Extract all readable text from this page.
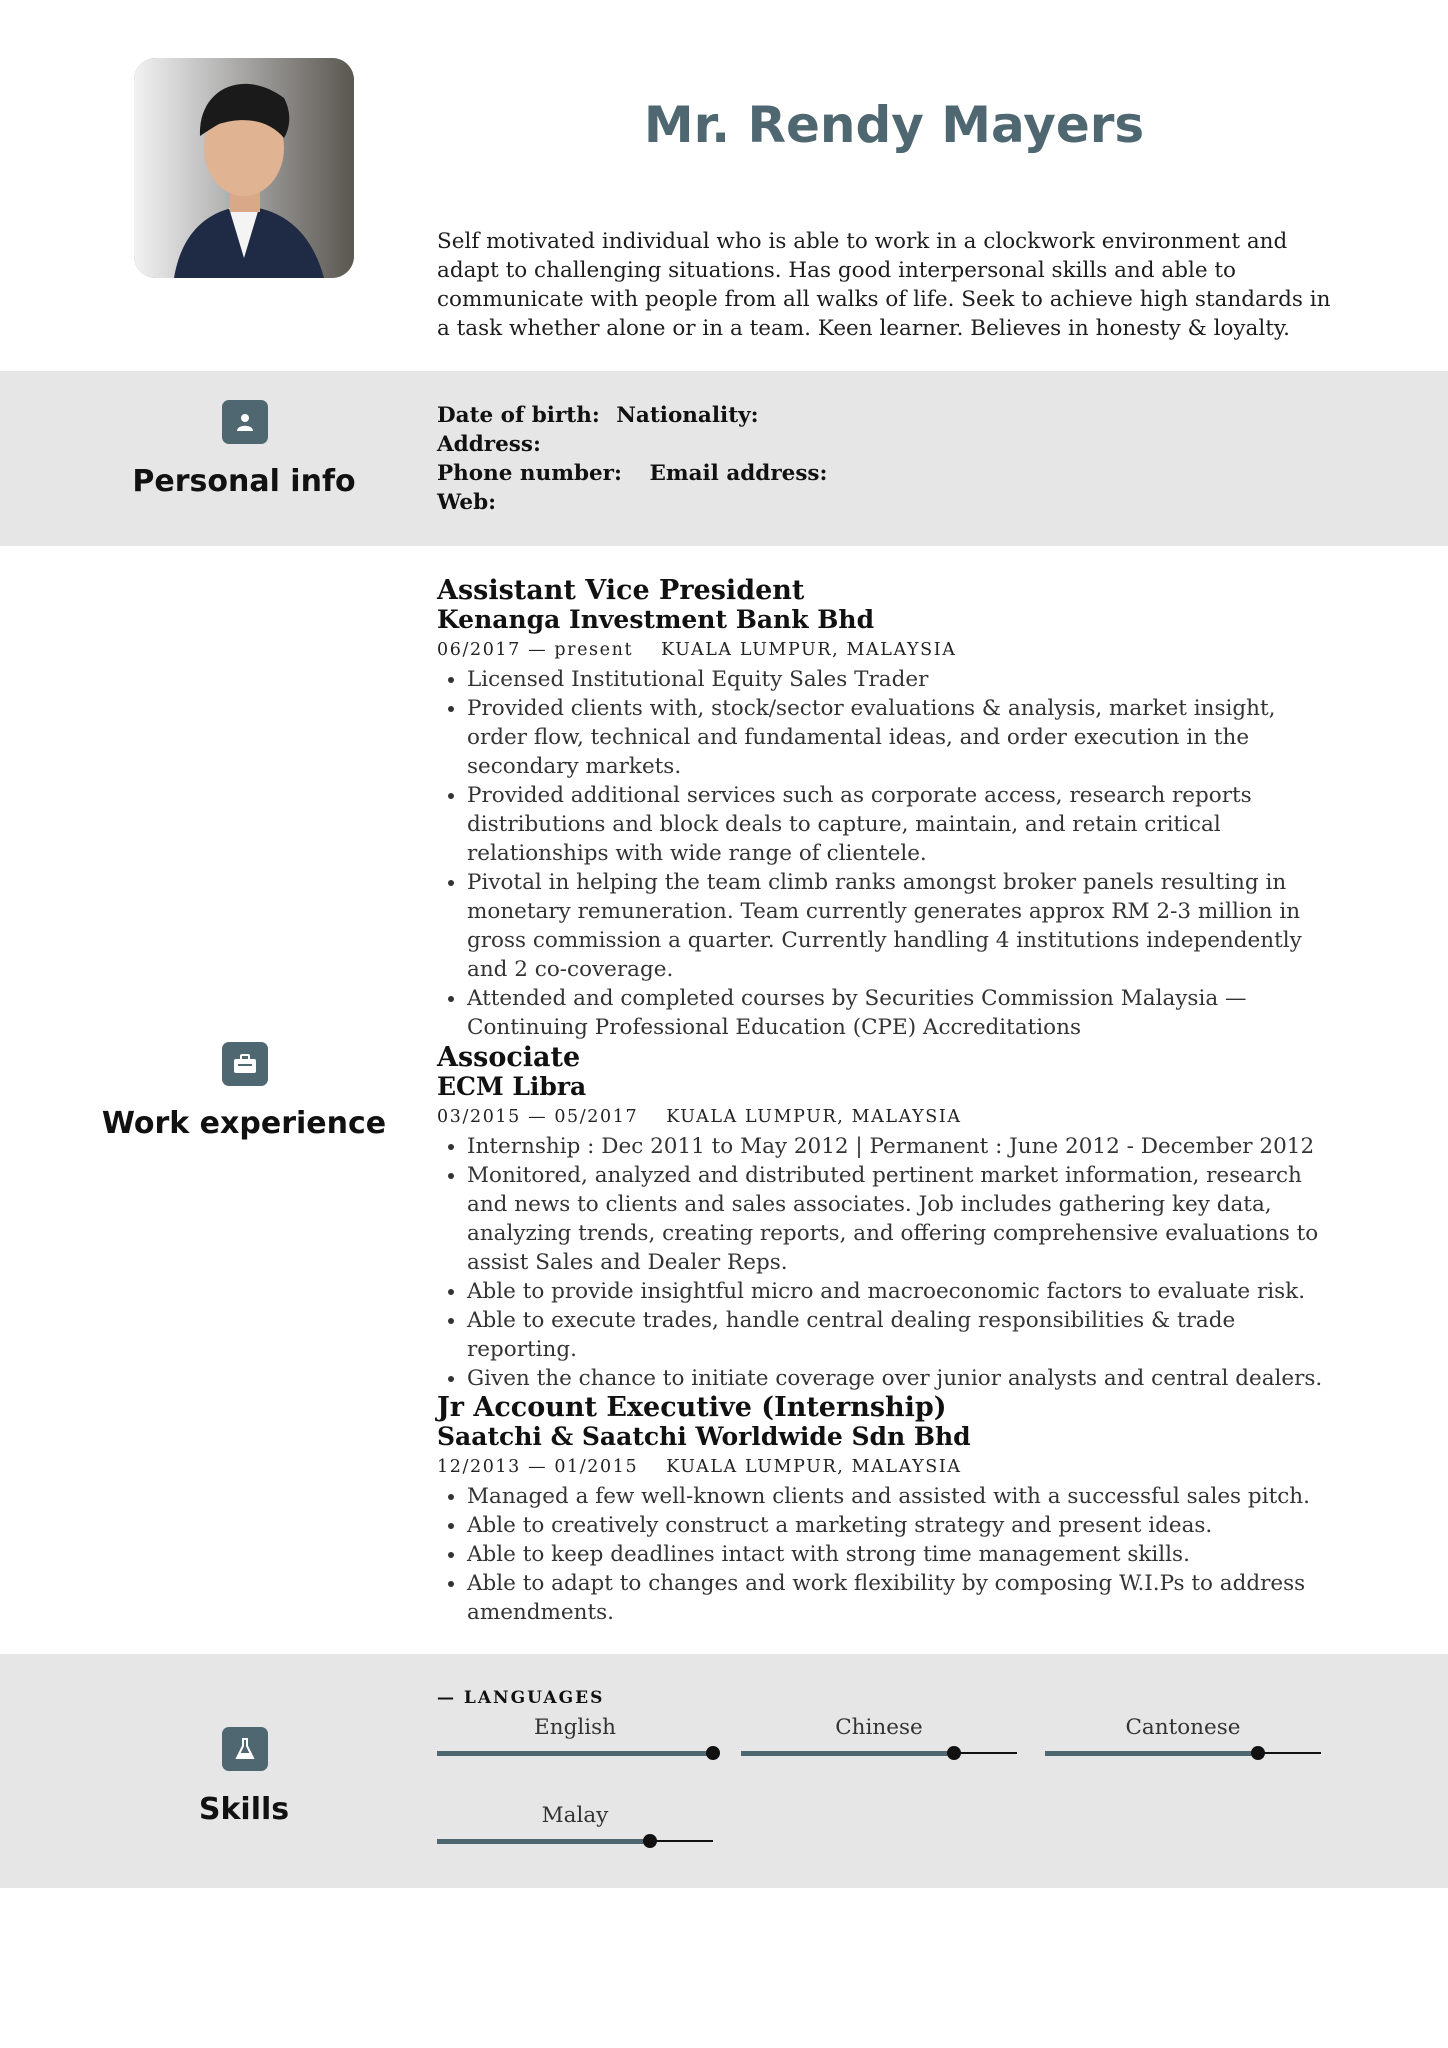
Mr. Rendy Mayers

Self motivated individual who is able to work in a clockwork environment and adapt to challenging situations. Has good interpersonal skills and able to communicate with people from all walks of life. Seek to achieve high standards in a task whether alone or in a team. Keen learner. Believes in honesty & loyalty.

Personal info
Date of birth: Nationality:
Address:
Phone number: Email address:
Web:
Work experience
Assistant Vice President
Kenanga Investment Bank Bhd
06/2017 — present KUALA LUMPUR, MALAYSIA
• Licensed Institutional Equity Sales Trader
• Provided clients with, stock/sector evaluations & analysis, market insight, order flow, technical and fundamental ideas, and order execution in the secondary markets.
• Provided additional services such as corporate access, research reports distributions and block deals to capture, maintain, and retain critical relationships with wide range of clientele.
• Pivotal in helping the team climb ranks amongst broker panels resulting in monetary remuneration. Team currently generates approx RM 2-3 million in gross commission a quarter. Currently handling 4 institutions independently and 2 co-coverage.
• Attended and completed courses by Securities Commission Malaysia — Continuing Professional Education (CPE) Accreditations
Associate
ECM Libra
03/2015 — 05/2017 KUALA LUMPUR, MALAYSIA
• Internship : Dec 2011 to May 2012 | Permanent : June 2012 - December 2012
• Monitored, analyzed and distributed pertinent market information, research and news to clients and sales associates. Job includes gathering key data, analyzing trends, creating reports, and offering comprehensive evaluations to assist Sales and Dealer Reps.
• Able to provide insightful micro and macroeconomic factors to evaluate risk.
• Able to execute trades, handle central dealing responsibilities & trade reporting.
• Given the chance to initiate coverage over junior analysts and central dealers.
Jr Account Executive (Internship)
Saatchi & Saatchi Worldwide Sdn Bhd
12/2013 — 01/2015 KUALA LUMPUR, MALAYSIA
• Managed a few well-known clients and assisted with a successful sales pitch.
• Able to creatively construct a marketing strategy and present ideas.
• Able to keep deadlines intact with strong time management skills.
• Able to adapt to changes and work flexibility by composing W.I.Ps to address amendments.
Skills
— LANGUAGES
English	Chinese	Cantonese
Malay
